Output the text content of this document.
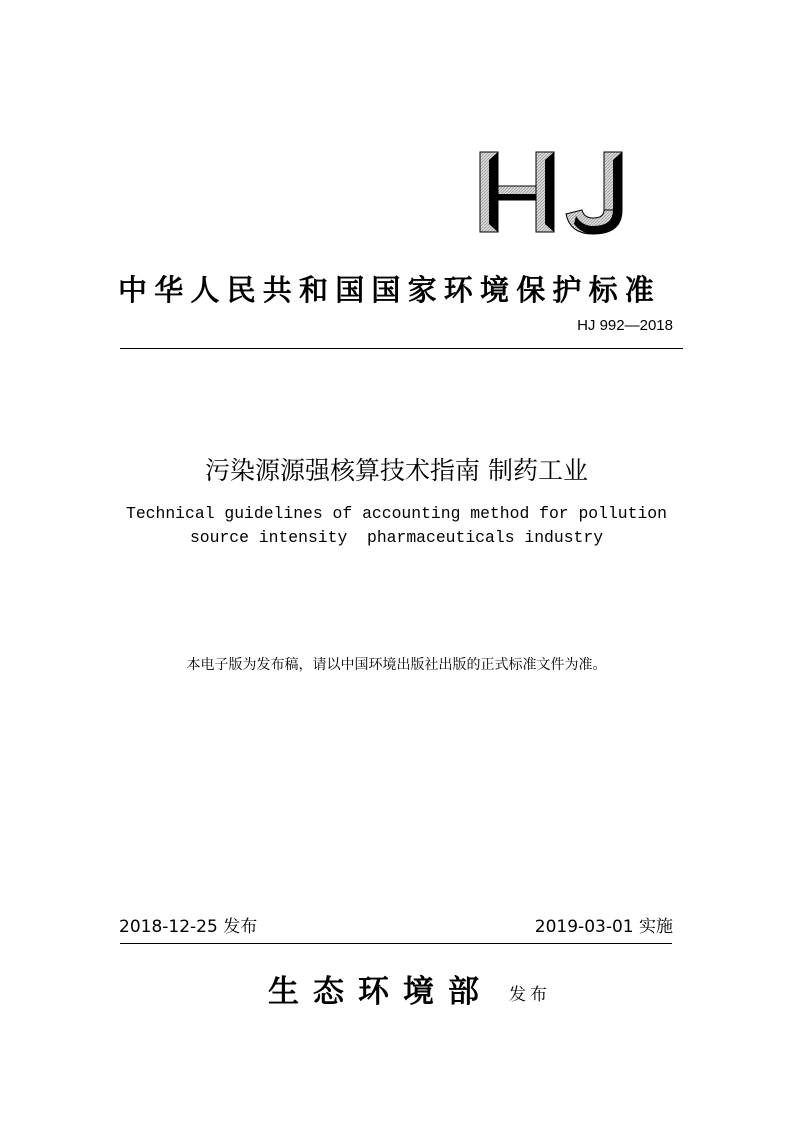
中华人民共和国国家环境保护标准
HJ 992—2018
污染源源强核算技术指南 制药工业
Technical guidelines of accounting method for pollution
source intensity  pharmaceuticals industry
本电子版为发布稿，请以中国环境出版社出版的正式标准文件为准。
2018-12-25 发布	2019-03-01 实施
生态环境部 发布
